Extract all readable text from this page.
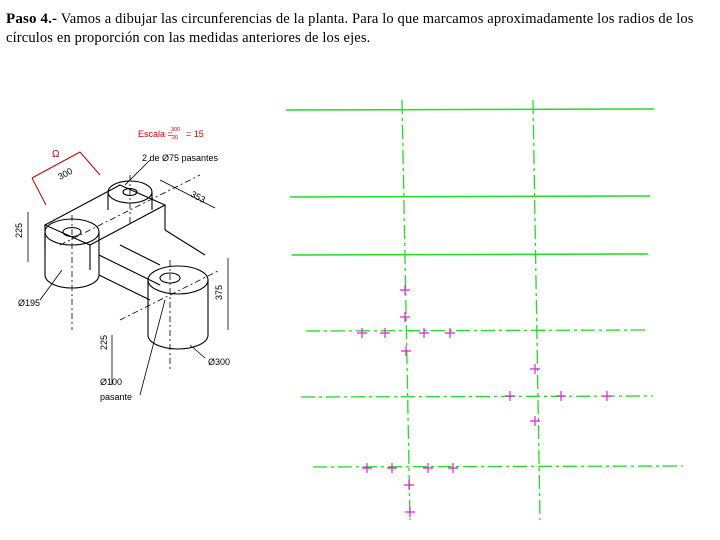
Paso 4.- Vamos a dibujar las circunferencias de la planta. Para lo que marcamos aproximadamente los radios de los círculos en proporción con las medidas anteriores de los ejes.
Escala =
300
20 = 15
Ω
300
2 de Ø75 pasantes
353
225
375
Ø195
225
Ø300
Ø100
pasante
